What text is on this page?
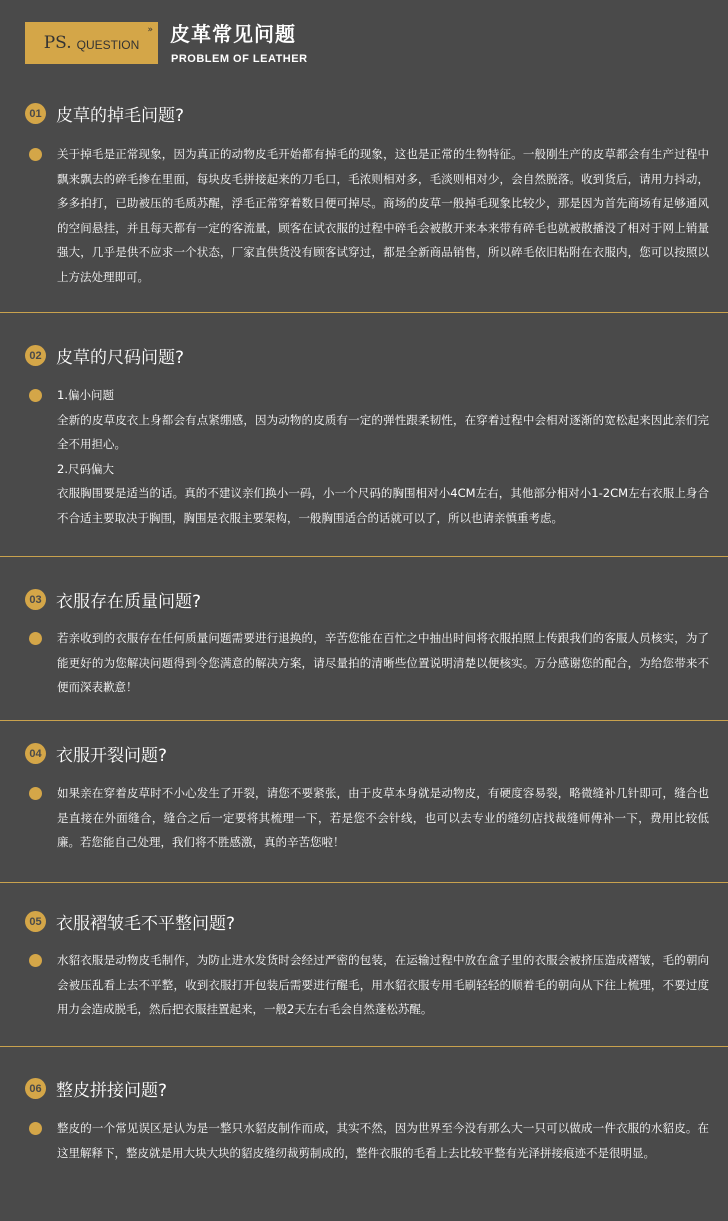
PS. QUESTION
» 皮革常见问题
PROBLEM OF LEATHER
01 皮草的掉毛问题?
关于掉毛是正常现象，因为真正的动物皮毛开始都有掉毛的现象，这也是正常的生物特征。一般刚生产的皮草都会有生产过程中飘来飘去的碎毛掺在里面，每块皮毛拼接起来的刀毛口，毛浓则相对多，毛淡则相对少，会自然脱落。收到货后，请用力抖动，多多拍打，已助被压的毛质苏醒，浮毛正常穿着数日便可掉尽。商场的皮草一般掉毛现象比较少，那是因为首先商场有足够通风的空间悬挂，并且每天都有一定的客流量，顾客在试衣服的过程中碎毛会被散开来本来带有碎毛也就被散播没了相对于网上销量强大，几乎是供不应求一个状态，厂家直供货没有顾客试穿过，都是全新商品销售，所以碎毛依旧粘附在衣服内，您可以按照以上方法处理即可。
02 皮草的尺码问题?
1.偏小问题
全新的皮草皮衣上身都会有点紧绷感，因为动物的皮质有一定的弹性跟柔韧性，在穿着过程中会相对逐渐的宽松起来因此亲们完全不用担心。
2.尺码偏大
衣服胸围要是适当的话。真的不建议亲们换小一码，小一个尺码的胸围相对小4CM左右，其他部分相对小1-2CM左右衣服上身合不合适主要取决于胸围，胸围是衣服主要架构，一般胸围适合的话就可以了，所以也请亲慎重考虑。
03 衣服存在质量问题?
若亲收到的衣服存在任何质量问题需要进行退换的，辛苦您能在百忙之中抽出时间将衣服拍照上传跟我们的客服人员核实，为了能更好的为您解决问题得到令您满意的解决方案，请尽量拍的清晰些位置说明清楚以便核实。万分感谢您的配合，为给您带来不便而深表歉意！
04 衣服开裂问题?
如果亲在穿着皮草时不小心发生了开裂，请您不要紧张，由于皮草本身就是动物皮，有硬度容易裂，略微缝补几针即可，缝合也是直接在外面缝合，缝合之后一定要将其梳理一下，若是您不会针线，也可以去专业的缝纫店找裁缝师傅补一下，费用比较低廉。若您能自己处理，我们将不胜感激，真的辛苦您啦！
05 衣服褶皱毛不平整问题?
水貂衣服是动物皮毛制作，为防止进水发货时会经过严密的包装，在运输过程中放在盒子里的衣服会被挤压造成褶皱，毛的朝向会被压乱看上去不平整，收到衣服打开包装后需要进行醒毛，用水貂衣服专用毛刷轻轻的顺着毛的朝向从下往上梳理，不要过度用力会造成脱毛，然后把衣服挂置起来，一般2天左右毛会自然蓬松苏醒。
06 整皮拼接问题?
整皮的一个常见误区是认为是一整只水貂皮制作而成，其实不然，因为世界至今没有那么大一只可以做成一件衣服的水貂皮。在这里解释下，整皮就是用大块大块的貂皮缝纫裁剪制成的，整件衣服的毛看上去比较平整有光泽拼接痕迹不是很明显。
